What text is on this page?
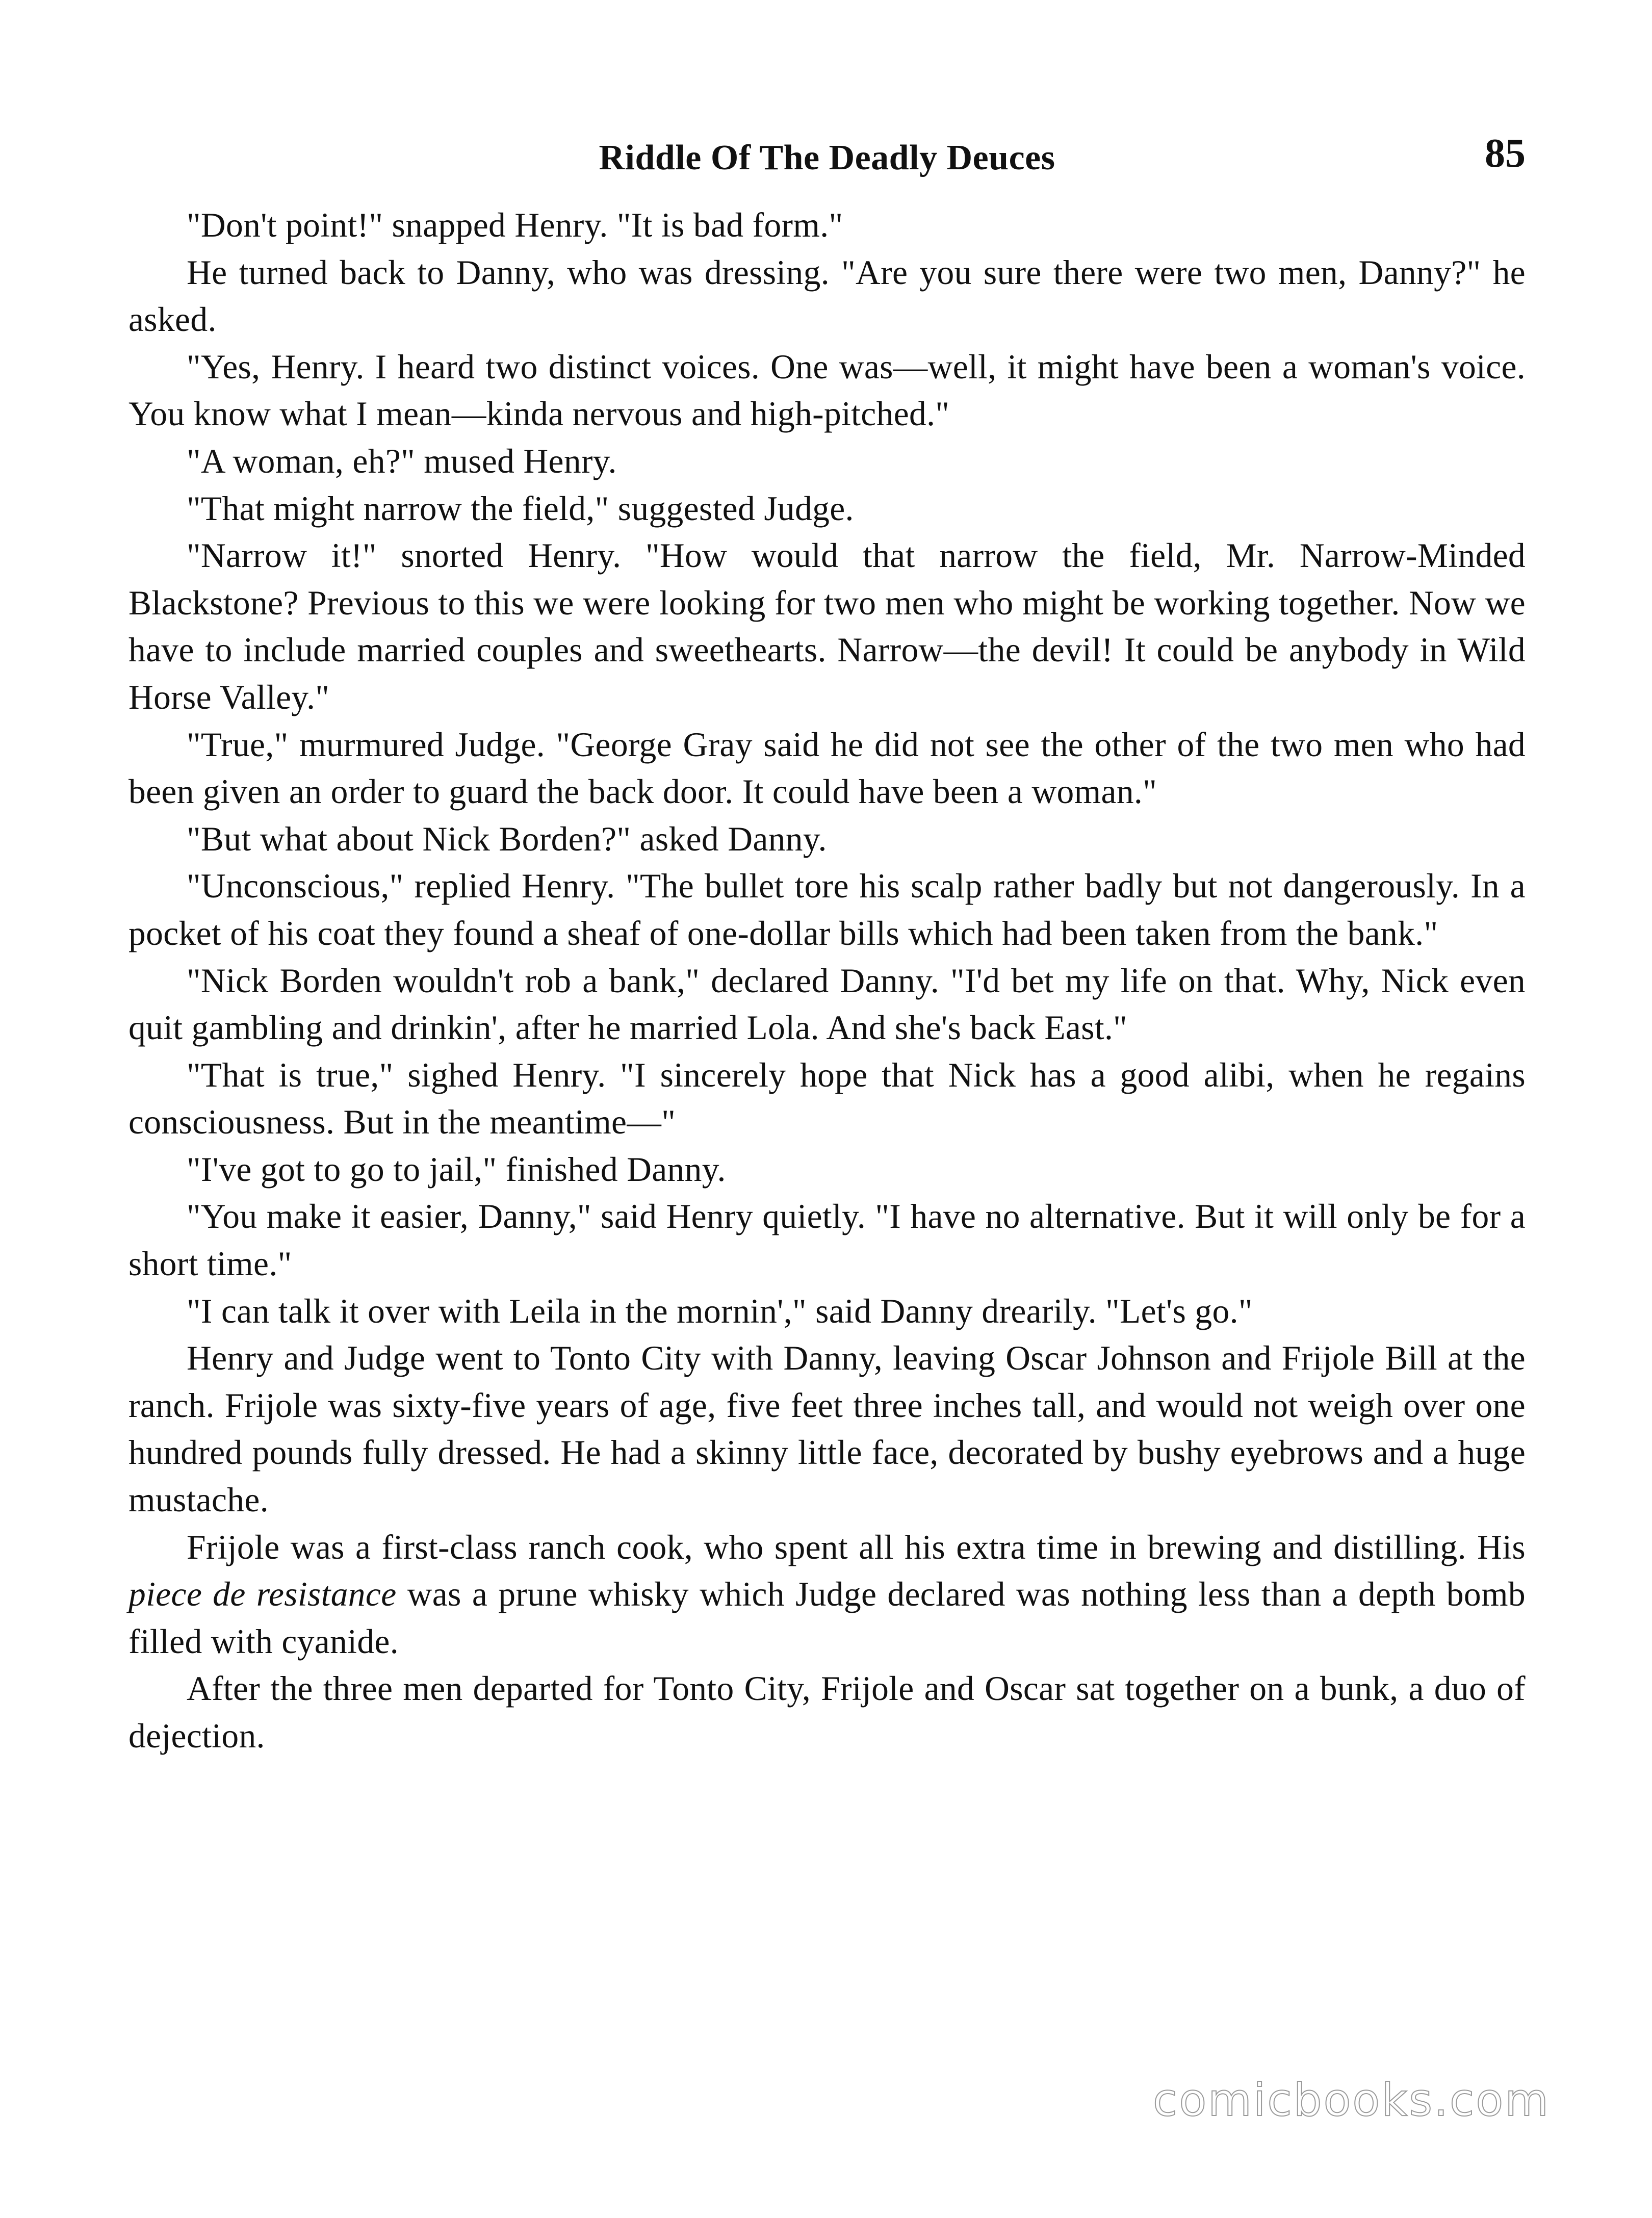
Riddle Of The Deadly Deuces	85

"Don't point!" snapped Henry. "It is bad form."

He turned back to Danny, who was dressing. "Are you sure there were two men, Danny?" he asked.

"Yes, Henry. I heard two distinct voices. One was—well, it might have been a woman's voice. You know what I mean—kinda nervous and high-pitched."

"A woman, eh?" mused Henry.

"That might narrow the field," suggested Judge.

"Narrow it!" snorted Henry. "How would that narrow the field, Mr. Narrow-Minded Blackstone? Previous to this we were looking for two men who might be working together. Now we have to include married couples and sweethearts. Narrow—the devil! It could be anybody in Wild Horse Valley."

"True," murmured Judge. "George Gray said he did not see the other of the two men who had been given an order to guard the back door. It could have been a woman."

"But what about Nick Borden?" asked Danny.

"Unconscious," replied Henry. "The bullet tore his scalp rather badly but not dangerously. In a pocket of his coat they found a sheaf of one-dollar bills which had been taken from the bank."

"Nick Borden wouldn't rob a bank," declared Danny. "I'd bet my life on that. Why, Nick even quit gambling and drinkin', after he married Lola. And she's back East."

"That is true," sighed Henry. "I sincerely hope that Nick has a good alibi, when he regains consciousness. But in the meantime—"

"I've got to go to jail," finished Danny.

"You make it easier, Danny," said Henry quietly. "I have no alternative. But it will only be for a short time."

"I can talk it over with Leila in the mornin'," said Danny drearily. "Let's go."

Henry and Judge went to Tonto City with Danny, leaving Oscar Johnson and Frijole Bill at the ranch. Frijole was sixty-five years of age, five feet three inches tall, and would not weigh over one hundred pounds fully dressed. He had a skinny little face, decorated by bushy eyebrows and a huge mustache.

Frijole was a first-class ranch cook, who spent all his extra time in brewing and distilling. His piece de resistance was a prune whisky which Judge declared was nothing less than a depth bomb filled with cyanide.

After the three men departed for Tonto City, Frijole and Oscar sat together on a bunk, a duo of dejection.

comicbooks.com
